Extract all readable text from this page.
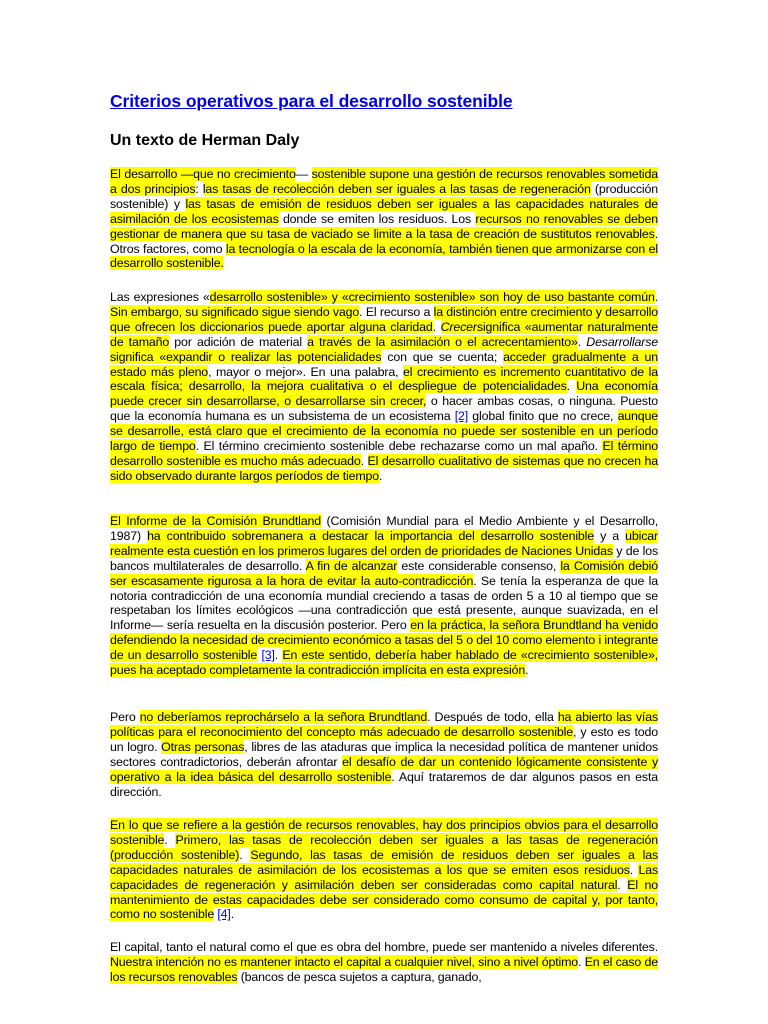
Criterios operativos para el desarrollo sostenible
Un texto de Herman Daly

El desarrollo —que no crecimiento— sostenible supone una gestión de recursos renovables sometida a dos principios: las tasas de recolección deben ser iguales a las tasas de regeneración (producción sostenible) y las tasas de emisión de residuos deben ser iguales a las capacidades naturales de asimilación de los ecosistemas donde se emiten los residuos. Los recursos no renovables se deben gestionar de manera que su tasa de vaciado se limite a la tasa de creación de sustitutos renovables. Otros factores, como la tecnología o la escala de la economía, también tienen que armonizarse con el desarrollo sostenible.

Las expresiones «desarrollo sostenible» y «crecimiento sostenible» son hoy de uso bastante común. Sin embargo, su significado sigue siendo vago. El recurso a la distinción entre crecimiento y desarrollo que ofrecen los diccionarios puede aportar alguna claridad. Crecersignifica «aumentar naturalmente de tamaño por adición de material a través de la asimilación o el acrecentamiento». Desarrollarse significa «expandir o realizar las potencialidades con que se cuenta; acceder gradualmente a un estado más pleno, mayor o mejor». En una palabra, el crecimiento es incremento cuantitativo de la escala física; desarrollo, la mejora cualitativa o el despliegue de potencialidades. Una economía puede crecer sin desarrollarse, o desarrollarse sin crecer, o hacer ambas cosas, o ninguna. Puesto que la economía humana es un subsistema de un ecosistema [2] global finito que no crece, aunque se desarrolle, está claro que el crecimiento de la economía no puede ser sostenible en un período largo de tiempo. El término crecimiento sostenible debe rechazarse como un mal apaño. El término desarrollo sostenible es mucho más adecuado. El desarrollo cualitativo de sistemas que no crecen ha sido observado durante largos períodos de tiempo.

El Informe de la Comisión Brundtland (Comisión Mundial para el Medio Ambiente y el Desarrollo, 1987) ha contribuido sobremanera a destacar la importancia del desarrollo sostenible y a ubicar realmente esta cuestión en los primeros lugares del orden de prioridades de Naciones Unidas y de los bancos multilaterales de desarrollo. A fin de alcanzar este considerable consenso, la Comisión debió ser escasamente rigurosa a la hora de evitar la auto-contradicción. Se tenía la esperanza de que la notoria contradicción de una economía mundial creciendo a tasas de orden 5 a 10 al tiempo que se respetaban los límites ecológicos —una contradicción que está presente, aunque suavizada, en el Informe— sería resuelta en la discusión posterior. Pero en la práctica, la señora Brundtland ha venido defendiendo la necesidad de crecimiento económico a tasas del 5 o del 10 como elemento i integrante de un desarrollo sostenible [3]. En este sentido, debería haber hablado de «crecimiento sostenible», pues ha aceptado completamente la contradicción implícita en esta expresión.

Pero no deberíamos reprochárselo a la señora Brundtland. Después de todo, ella ha abierto las vías políticas para el reconocimiento del concepto más adecuado de desarrollo sostenible, y esto es todo un logro. Otras personas, libres de las ataduras que implica la necesidad política de mantener unidos sectores contradictorios, deberán afrontar el desafío de dar un contenido lógicamente consistente y operativo a la idea básica del desarrollo sostenible. Aquí trataremos de dar algunos pasos en esta dirección.

En lo que se refiere a la gestión de recursos renovables, hay dos principios obvios para el desarrollo sostenible. Primero, las tasas de recolección deben ser iguales a las tasas de regeneración (producción sostenible). Segundo, las tasas de emisión de residuos deben ser iguales a las capacidades naturales de asimilación de los ecosistemas a los que se emiten esos residuos. Las capacidades de regeneración y asimilación deben ser consideradas como capital natural. El no mantenimiento de estas capacidades debe ser considerado como consumo de capital y, por tanto, como no sostenible [4].

El capital, tanto el natural como el que es obra del hombre, puede ser mantenido a niveles diferentes. Nuestra intención no es mantener intacto el capital a cualquier nivel, sino a nivel óptimo. En el caso de los recursos renovables (bancos de pesca sujetos a captura, ganado,
